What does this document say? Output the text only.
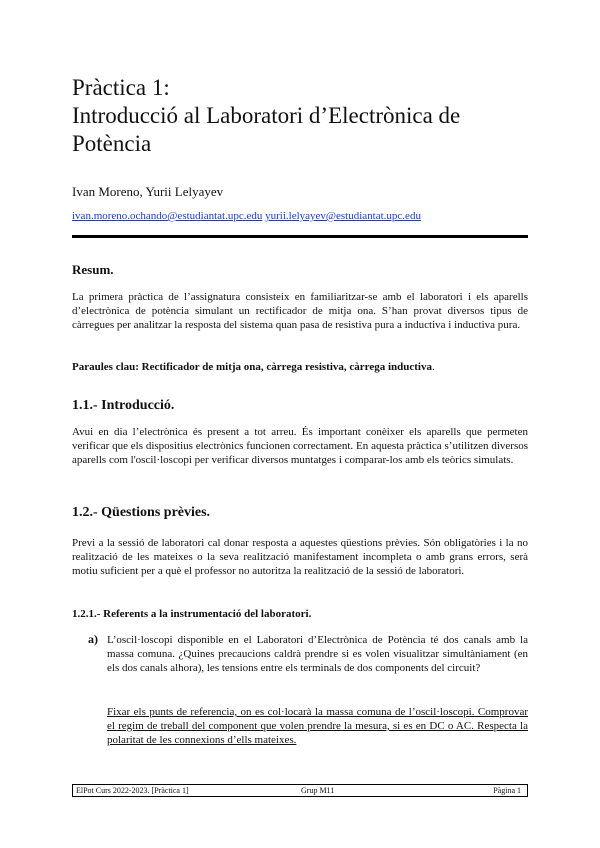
Pràctica 1:
Introducció al Laboratori d’Electrònica de
Potència
Ivan Moreno, Yurii Lelyayev
ivan.moreno.ochando@estudiantat.upc.edu yurii.lelyayev@estudiantat.upc.edu
Resum.

La primera pràctica de l’assignatura consisteix en familiaritzar-se amb el laboratori i els aparells d’electrònica de potència simulant un rectificador de mitja ona. S’han provat diversos tipus de càrregues per analitzar la resposta del sistema quan pasa de resistiva pura a inductiva i inductiva pura.

Paraules clau: Rectificador de mitja ona, càrrega resistiva, càrrega inductiva.

1.1.- Introducció.

Avui en dia l’electrònica és present a tot arreu. És important conèixer els aparells que permeten verificar que els dispositius electrònics funcionen correctament. En aquesta pràctica s’utilitzen diversos aparells com l'oscil·loscopi per verificar diversos muntatges i comparar-los amb els teòrics simulats.

1.2.- Qüestions prèvies.

Previ a la sessió de laboratori cal donar resposta a aquestes qüestions prèvies. Són obligatòries i la no realització de les mateixes o la seva realització manifestament incompleta o amb grans errors, serà motiu suficient per a què el professor no autoritza la realització de la sessió de laboratori.

1.2.1.- Referents a la instrumentació del laboratori.
a) L’oscil·loscopi disponible en el Laboratori d’Electrònica de Potència té dos canals amb la massa comuna. ¿Quines precaucions caldrà prendre si es volen visualitzar simultàniament (en els dos canals alhora), les tensions entre els terminals de dos components del circuit?

Fixar els punts de referencia, on es col·locarà la massa comuna de l’oscil·loscopi. Comprovar el regim de treball del component que volen prendre la mesura, si es en DC o AC. Respecta la polaritat de les connexions d’ells mateixes.

ElPot Curs 2022-2023. [Pràctica 1]	Grup M11	Pàgina 1
